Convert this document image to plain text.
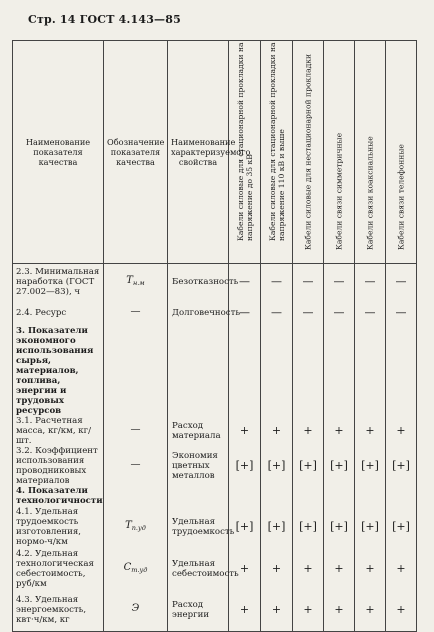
Стр. 14 ГОСТ 4.143—85
Наименование показателя качества	Обозначение показателя качества	Наименование характеризуемого свойства	Кабели силовые для стационарной прокладки на напряжение до 35 кВ	Кабели силовые для стационарной прокладки на напряжение 110 кВ и выше	Кабели силовые для нестационарной прокладки	Кабели связи симметричные	Кабели связи коаксиальные	Кабели связи телефонные

2.3. Минимальная наработка (ГОСТ 27.002—83), ч	$T_{н.м}$	Безотказность	—	—	—	—	—	—
2.4. Ресурс	—	Долговечность	—	—	—	—	—	—
3. Показатели экономного использования сырья, материалов, топлива, энергии и трудовых ресурсов								
3.1. Расчетная масса, кг/км, кг/шт.	—	Расход материала	+	+	+	+	+	+
3.2. Коэффициент использования проводниковых материалов	—	Экономия цветных металлов	[+]	[+]	[+]	[+]	[+]	[+]
4. Показатели технологичности								
4.1. Удельная трудоемкость изготовления, нормо-ч/км	$T_{п.уд}$	Удельная трудоемкость	[+]	[+]	[+]	[+]	[+]	[+]
4.2. Удельная технологическая себестоимость, руб/км	$C_{т.уд}$	Удельная себестоимость	+	+	+	+	+	+
4.3. Удельная энергоемкость, квт·ч/км, кг	Э	Расход энергии	+	+	+	+	+	+
